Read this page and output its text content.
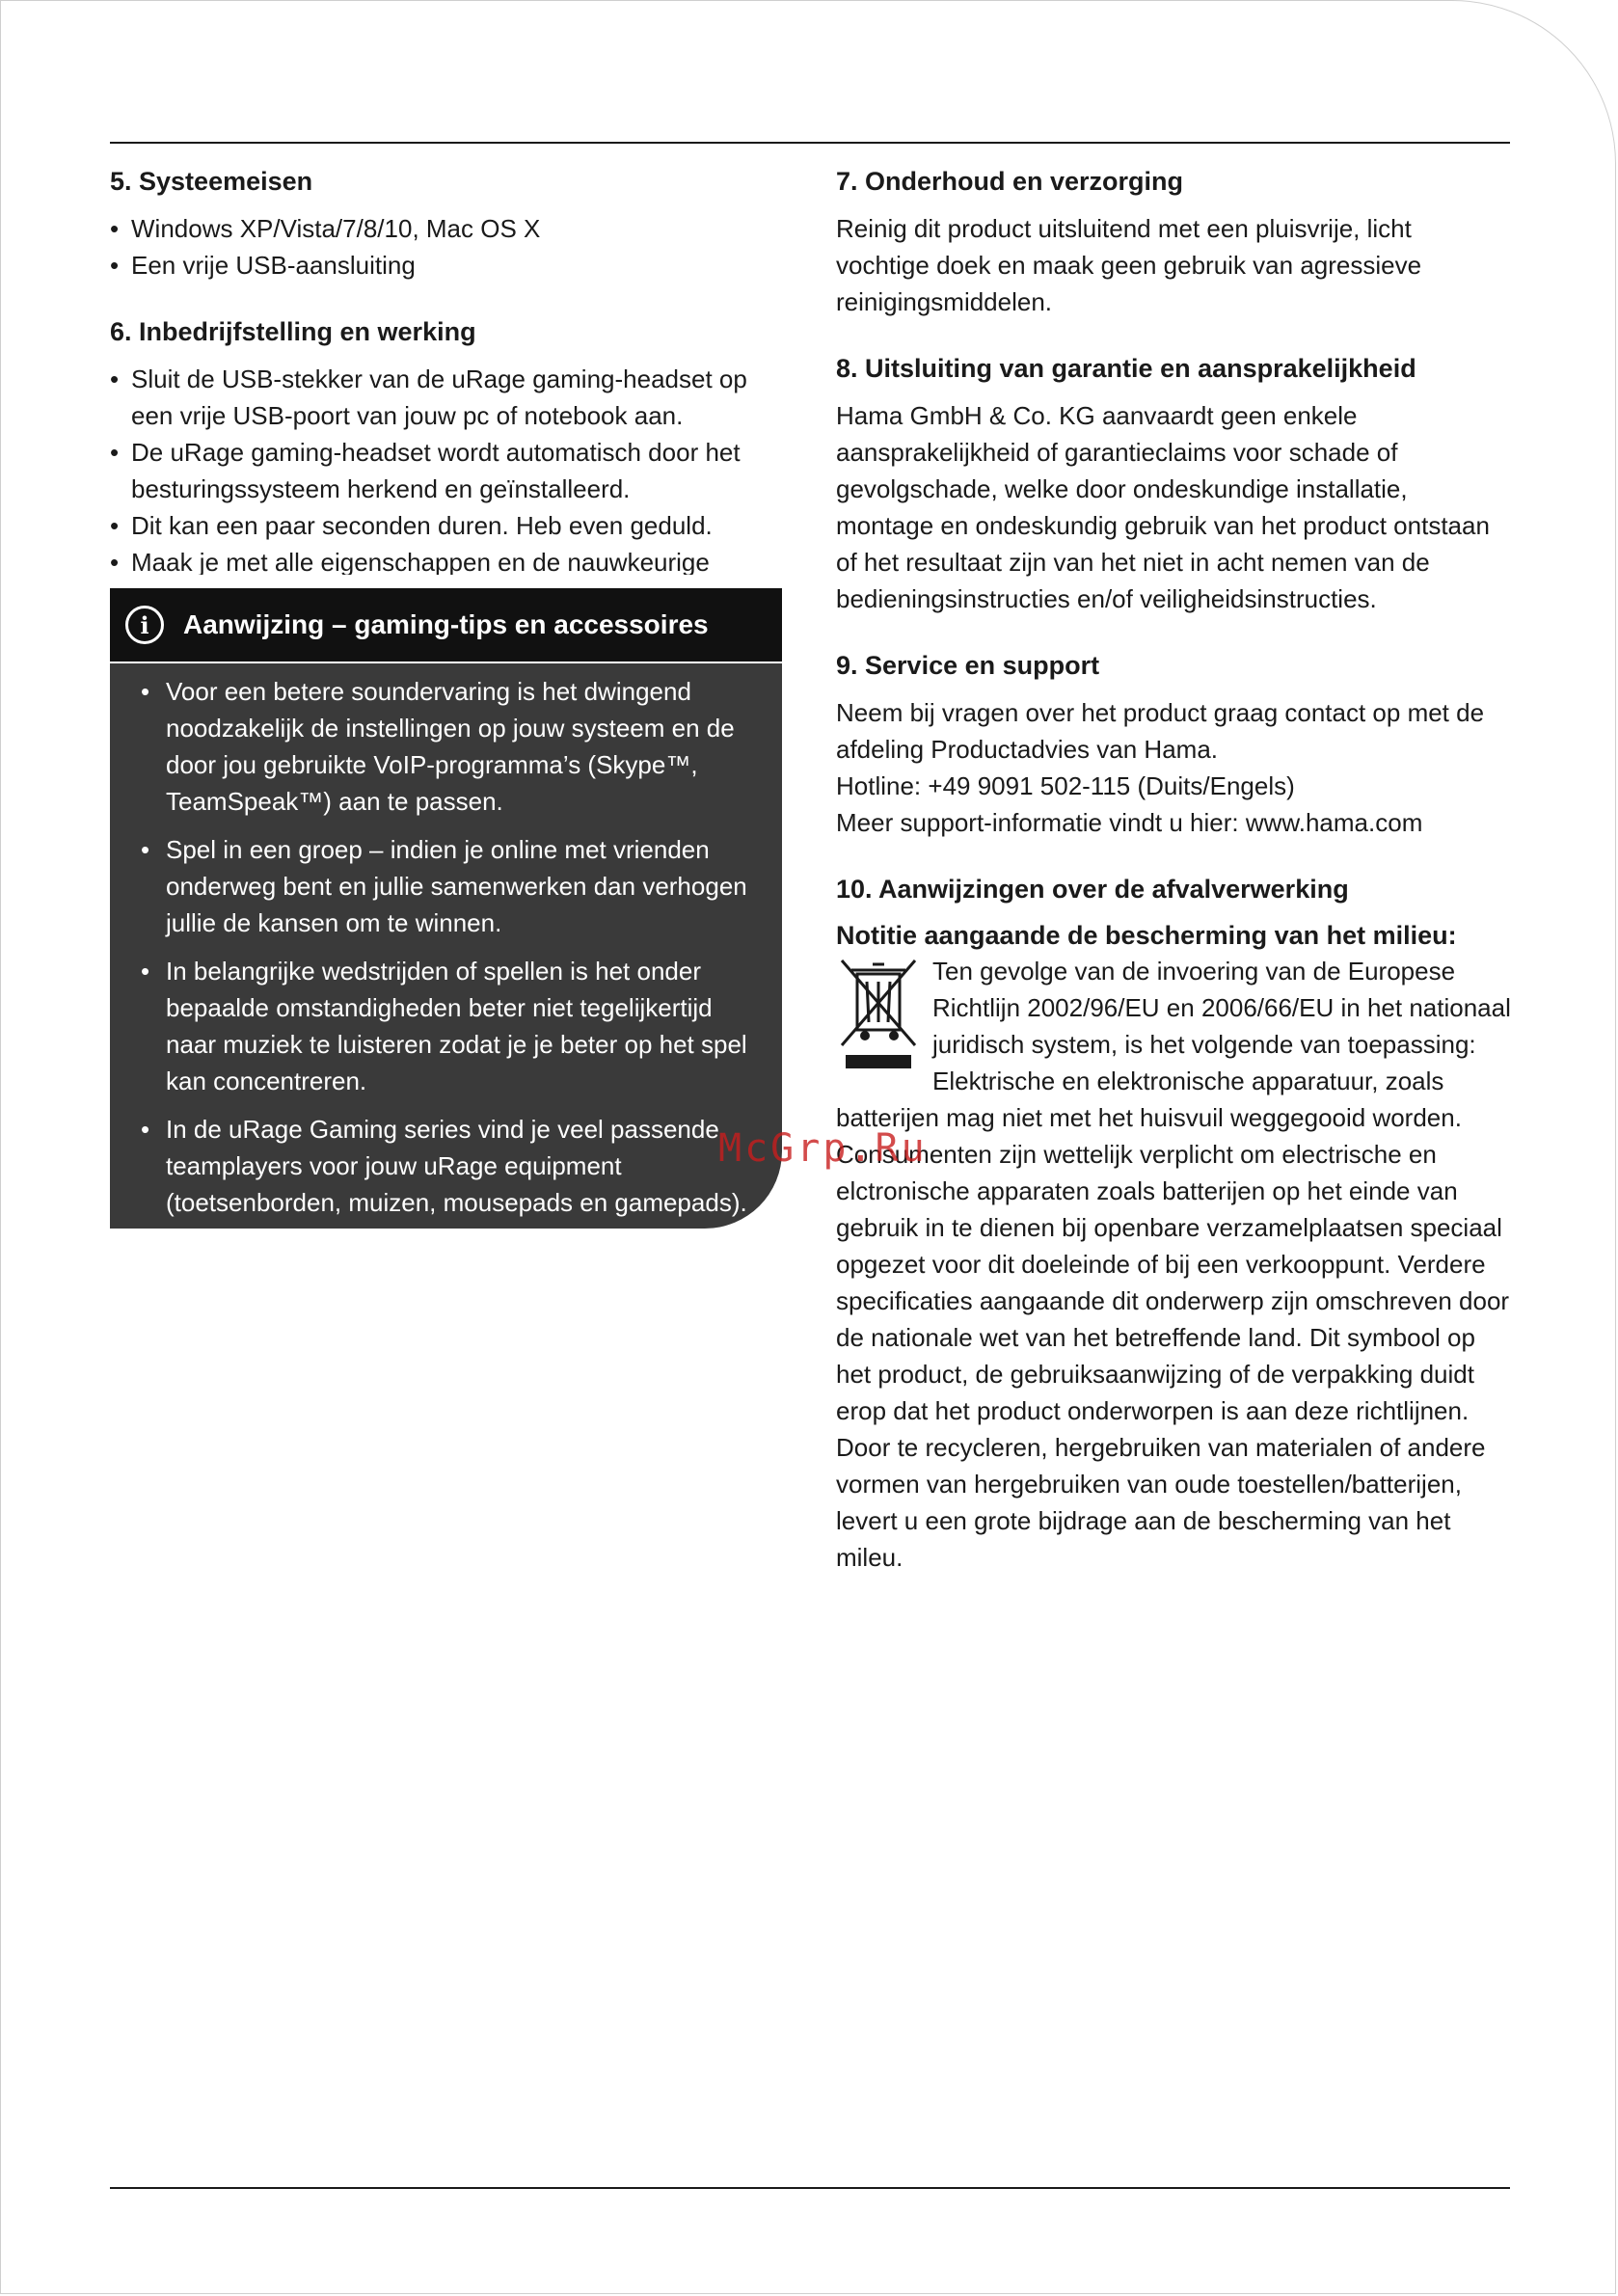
5. Systeemeisen
• Windows XP/Vista/7/8/10, Mac OS X
• Een vrije USB-aansluiting
6. Inbedrijfstelling en werking
• Sluit de USB-stekker van de uRage gaming-headset op een vrije USB-poort van jouw pc of notebook aan.
• De uRage gaming-headset wordt automatisch door het besturingssysteem herkend en geïnstalleerd.
• Dit kan een paar seconden duren. Heb even geduld.
• Maak je met alle eigenschappen en de nauwkeurige
i	Aanwijzing – gaming-tips en accessoires
• Voor een betere soundervaring is het dwingend noodzakelijk de instellingen op jouw systeem en de door jou gebruikte VoIP-programma’s (Skype™, TeamSpeak™) aan te passen.
• Spel in een groep – indien je online met vrienden onderweg bent en jullie samenwerken dan verhogen jullie de kansen om te winnen.
• In belangrijke wedstrijden of spellen is het onder bepaalde omstandigheden beter niet tegelijkertijd naar muziek te luisteren zodat je je beter op het spel kan concentreren.
• In de uRage Gaming series vind je veel passende teamplayers voor jouw uRage equipment (toetsenborden, muizen, mousepads en gamepads).
7. Onderhoud en verzorging

Reinig dit product uitsluitend met een pluisvrije, licht vochtige doek en maak geen gebruik van agressieve reinigingsmiddelen.

8. Uitsluiting van garantie en aansprakelijkheid

Hama GmbH & Co. KG aanvaardt geen enkele aansprakelijkheid of garantieclaims voor schade of gevolgschade, welke door ondeskundige installatie, montage en ondeskundig gebruik van het product ontstaan of het resultaat zijn van het niet in acht nemen van de bedieningsinstructies en/of veiligheidsinstructies.

9. Service en support

Neem bij vragen over het product graag contact op met de afdeling Productadvies van Hama.

Hotline: +49 9091 502-115 (Duits/Engels)

Meer support-informatie vindt u hier: www.hama.com

10. Aanwijzingen over de afvalverwerking
Notitie aangaande de bescherming van het milieu:
Ten gevolge van de invoering van de Europese Richtlijn 2002/96/EU en 2006/66/EU in het nationaal juridisch system, is het volgende van toepassing: Elektrische en elektronische apparatuur, zoals

batterijen mag niet met het huisvuil weggegooid worden. Consumenten zijn wettelijk verplicht om electrische en elctronische apparaten zoals batterijen op het einde van gebruik in te dienen bij openbare verzamelplaatsen speciaal opgezet voor dit doeleinde of bij een verkooppunt. Verdere specificaties aangaande dit onderwerp zijn omschreven door de nationale wet van het betreffende land. Dit symbool op het product, de gebruiksaanwijzing of de verpakking duidt erop dat het product onderworpen is aan deze richtlijnen. Door te recycleren, hergebruiken van materialen of andere vormen van hergebruiken van oude toestellen/batterijen, levert u een grote bijdrage aan de bescherming van het mileu.

McGrp.Ru
